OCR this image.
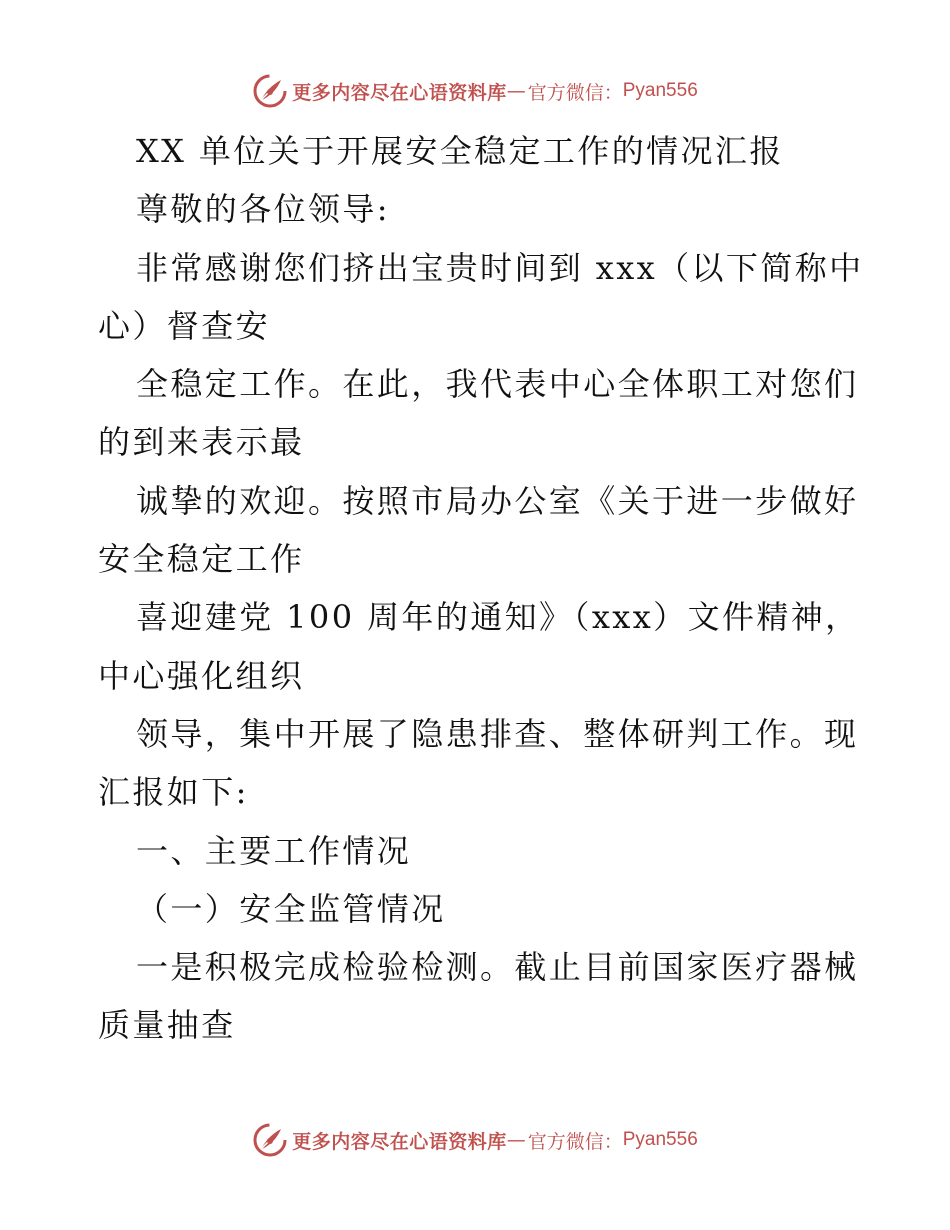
更多内容尽在心语资料库 — 官方微信： Pyan556
XX 单位关于开展安全稳定工作的情况汇报
尊敬的各位领导:
非常感谢您们挤出宝贵时间到 xxx（以下简称中
心）督查安
全稳定工作。在此，我代表中心全体职工对您们
的到来表示最
诚挚的欢迎。按照市局办公室《关于进一步做好
安全稳定工作
喜迎建党 100 周年的通知》（xxx）文件精神，
中心强化组织
领导，集中开展了隐患排查、整体研判工作。现
汇报如下:
一、主要工作情况
（一）安全监管情况
一是积极完成检验检测。截止目前国家医疗器械
质量抽查
更多内容尽在心语资料库 — 官方微信： Pyan556
